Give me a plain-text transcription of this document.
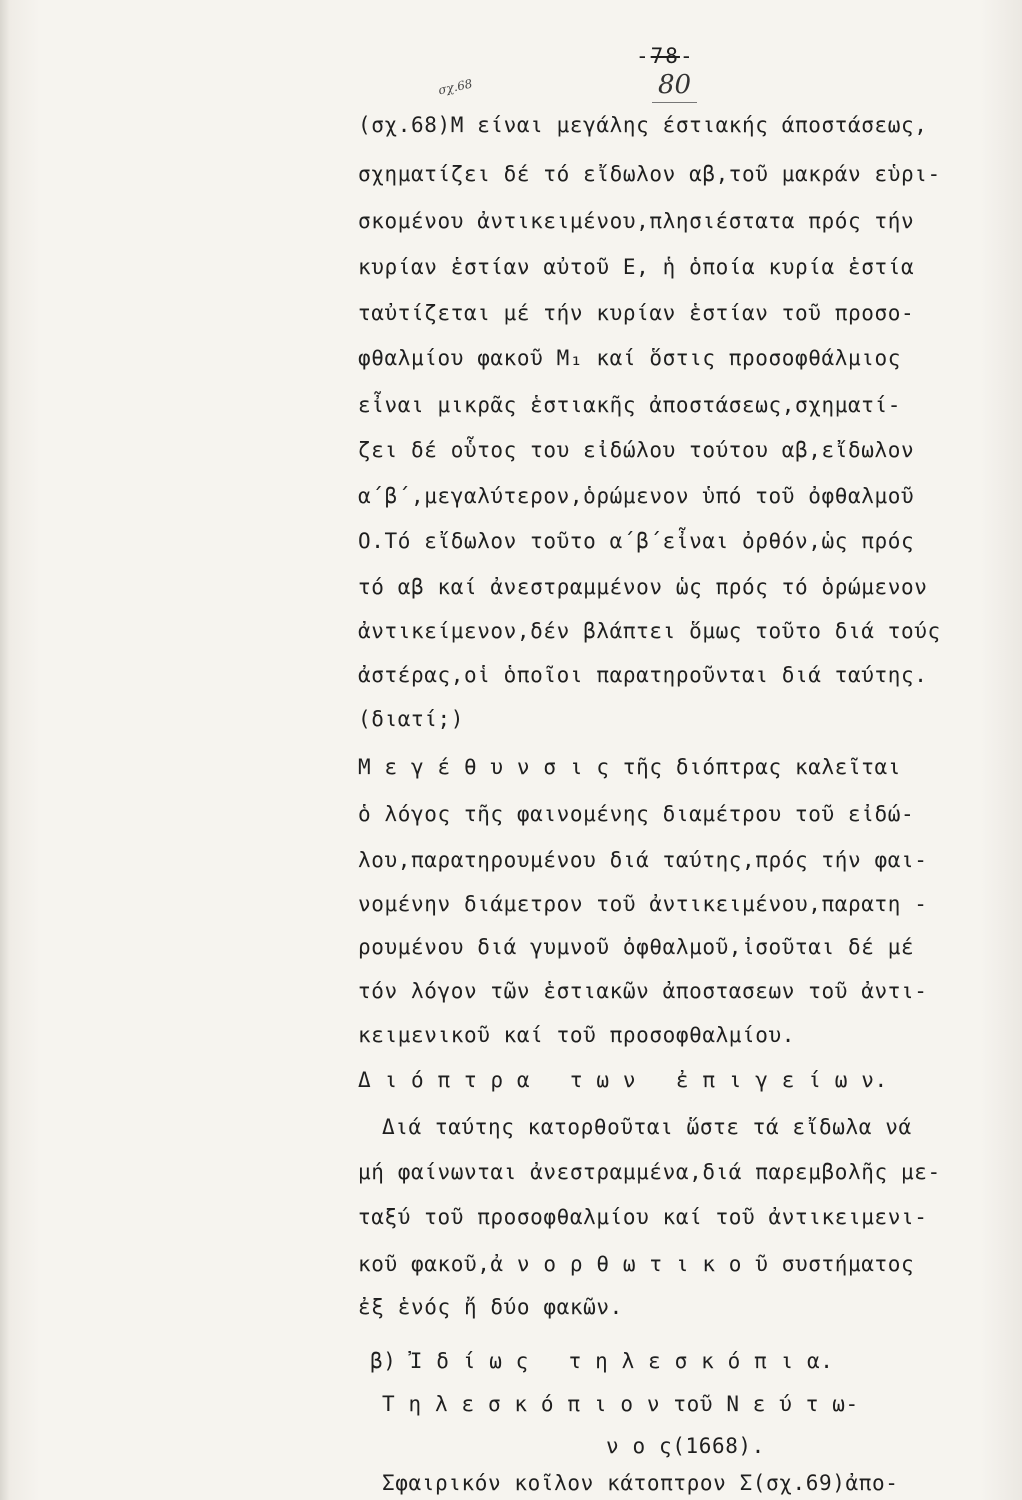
-78-
80
σχ.68
(σχ.68)Μ είναι μεγάλης έστιακής άποστάσεως,
σχηματίζει δέ τό εἴδωλον αβ,τοῦ μακράν εὑρι-
σκομένου ἀντικειμένου,πλησιέστατα πρός τήν
κυρίαν ἑστίαν αὐτοῦ Ε, ἡ ὁποία κυρία ἑστία
ταὐτίζεται μέ τήν κυρίαν ἑστίαν τοῦ προσο-
φθαλμίου φακοῦ Μ₁ καί ὅστις προσοφθάλμιος
εἶναι μικρᾶς ἑστιακῆς ἀποστάσεως,σχηματί-
ζει δέ οὗτος του εἰδώλου τούτου αβ,εἴδωλον
α΄β΄,μεγαλύτερον,ὁρώμενον ὑπό τοῦ ὀφθαλμοῦ
Ο.Τό εἴδωλον τοῦτο α΄β΄εἶναι ὀρθόν,ὡς πρός
τό αβ καί ἀνεστραμμένον ὡς πρός τό ὁρώμενον
ἀντικείμενον,δέν βλάπτει ὅμως τοῦτο διά τούς
ἀστέρας,οἱ ὁποῖοι παρατηροῦνται διά ταύτης.
(διατί;)
Μ ε γ έ θ υ ν σ ι ς τῆς διόπτρας καλεῖται
ὁ λόγος τῆς φαινομένης διαμέτρου τοῦ εἰδώ-
λου,παρατηρουμένου διά ταύτης,πρός τήν φαι-
νομένην διάμετρον τοῦ ἀντικειμένου,παρατη -
ρουμένου διά γυμνοῦ ὀφθαλμοῦ,ἰσοῦται δέ μέ
τόν λόγον τῶν ἑστιακῶν ἀποστασεων τοῦ ἀντι-
κειμενικοῦ καί τοῦ προσοφθαλμίου.
Δ ι ό π τ ρ α   τ ω ν   ἐ π ι γ ε ί ω ν.
Διά ταύτης κατορθοῦται ὥστε τά εἴδωλα νά
μή φαίνωνται ἀνεστραμμένα,διά παρεμβολῆς με-
ταξύ τοῦ προσοφθαλμίου καί τοῦ ἀντικειμενι-
κοῦ φακοῦ,ἀ ν ο ρ θ ω τ ι κ ο ῦ συστήματος
ἐξ ἑνός ἤ δύο φακῶν.
β) Ἰ δ ί ω ς   τ η λ ε σ κ ό π ι α.
Τ η λ ε σ κ ό π ι ο ν τοῦ Ν ε ύ τ ω-
ν ο ς(1668).
Σφαιρικόν κοῖλον κάτοπτρον Σ(σχ.69)ἀπο-
